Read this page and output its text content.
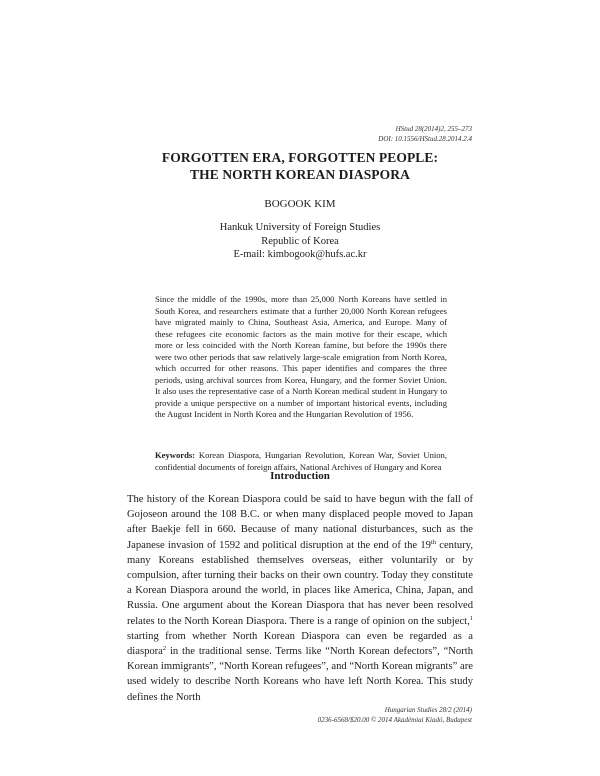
HStud 28(2014)2, 255–273
DOI: 10.1556/HStud.28.2014.2.4
FORGOTTEN ERA, FORGOTTEN PEOPLE:
THE NORTH KOREAN DIASPORA
BOGOOK KIM
Hankuk University of Foreign Studies
Republic of Korea
E-mail: kimbogook@hufs.ac.kr
Since the middle of the 1990s, more than 25,000 North Koreans have settled in South Korea, and researchers estimate that a further 20,000 North Korean refugees have migrated mainly to China, Southeast Asia, America, and Europe. Many of these refugees cite economic factors as the main motive for their escape, which more or less coincided with the North Korean famine, but before the 1990s there were two other periods that saw relatively large-scale emigration from North Korea, which occurred for other reasons. This paper identifies and compares the three periods, using archival sources from Korea, Hungary, and the former Soviet Union. It also uses the representative case of a North Korean medical student in Hungary to provide a unique perspective on a number of important historical events, including the August Incident in North Korea and the Hungarian Revolution of 1956.
Keywords: Korean Diaspora, Hungarian Revolution, Korean War, Soviet Union, confidential documents of foreign affairs, National Archives of Hungary and Korea
Introduction
The history of the Korean Diaspora could be said to have begun with the fall of Gojoseon around the 108 B.C. or when many displaced people moved to Japan after Baekje fell in 660. Because of many national disturbances, such as the Japanese invasion of 1592 and political disruption at the end of the 19th century, many Koreans established themselves overseas, either voluntarily or by compulsion, after turning their backs on their own country. Today they constitute a Korean Diaspora around the world, in places like America, China, Japan, and Russia. One argument about the Korean Diaspora that has never been resolved relates to the North Korean Diaspora. There is a range of opinion on the subject,$^1$ starting from whether North Korean Diaspora can even be regarded as a diaspora$^2$ in the traditional sense. Terms like “North Korean defectors”, “North Korean immigrants”, “North Korean refugees”, and “North Korean migrants” are used widely to describe North Koreans who have left North Korea. This study defines the North
Hungarian Studies 28/2 (2014)
0236-6568/$20.00 © 2014 Akadémiai Kiadó, Budapest
